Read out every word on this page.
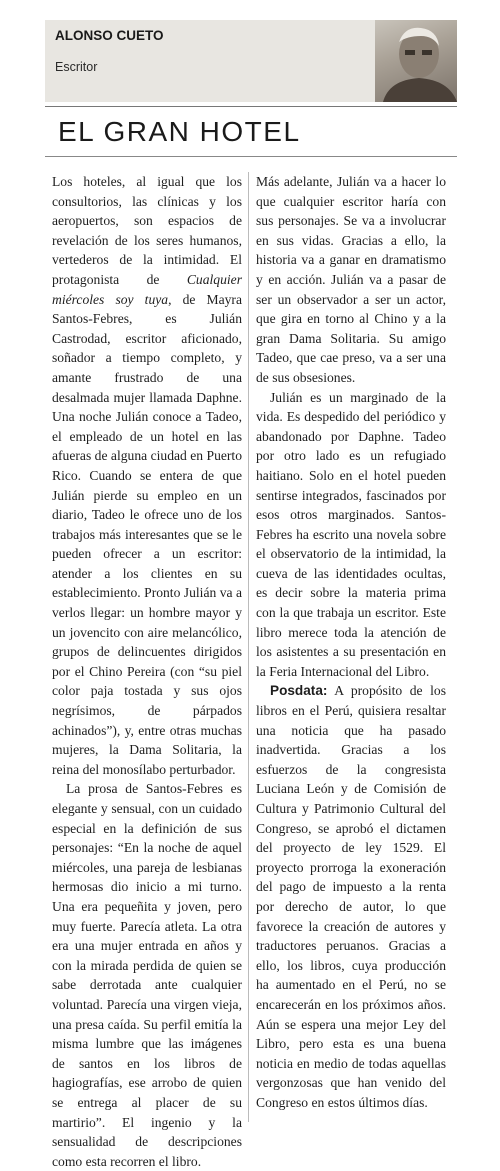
ALONSO CUETO
Escritor
EL GRAN HOTEL

Los hoteles, al igual que los consultorios, las clínicas y los aeropuertos, son espacios de revelación de los seres humanos, vertederos de la intimidad. El protagonista de Cualquier miércoles soy tuya, de Mayra Santos-Febres, es Julián Castrodad, escritor aficionado, soñador a tiempo completo, y amante frustrado de una desalmada mujer llamada Daphne. Una noche Julián conoce a Tadeo, el empleado de un hotel en las afueras de alguna ciudad en Puerto Rico. Cuando se entera de que Julián pierde su empleo en un diario, Tadeo le ofrece uno de los trabajos más interesantes que se le pueden ofrecer a un escritor: atender a los clientes en su establecimiento. Pronto Julián va a verlos llegar: un hombre mayor y un jovencito con aire melancólico, grupos de delincuentes dirigidos por el Chino Pereira (con “su piel color paja tostada y sus ojos negrísimos, de párpados achinados”), y, entre otras muchas mujeres, la Dama Solitaria, la reina del monosílabo perturbador.

La prosa de Santos-Febres es elegante y sensual, con un cuidado especial en la definición de sus personajes: “En la noche de aquel miércoles, una pareja de lesbianas hermosas dio inicio a mi turno. Una era pequeñita y joven, pero muy fuerte. Parecía atleta. La otra era una mujer entrada en años y con la mirada perdida de quien se sabe derrotada ante cualquier voluntad. Parecía una virgen vieja, una presa caída. Su perfil emitía la misma lumbre que las imágenes de santos en los libros de hagiografías, ese arrobo de quien se entrega al placer de su martirio”. El ingenio y la sensualidad de descripciones como esta recorren el libro.

Más adelante, Julián va a hacer lo que cualquier escritor haría con sus personajes. Se va a involucrar en sus vidas. Gracias a ello, la historia va a ganar en dramatismo y en acción. Julián va a pasar de ser un observador a ser un actor, que gira en torno al Chino y a la gran Dama Solitaria. Su amigo Tadeo, que cae preso, va a ser una de sus obsesiones.

Julián es un marginado de la vida. Es despedido del periódico y abandonado por Daphne. Tadeo por otro lado es un refugiado haitiano. Solo en el hotel pueden sentirse integrados, fascinados por esos otros marginados. Santos-Febres ha escrito una novela sobre el observatorio de la intimidad, la cueva de las identidades ocultas, es decir sobre la materia prima con la que trabaja un escritor. Este libro merece toda la atención de los asistentes a su presentación en la Feria Internacional del Libro.

Posdata: A propósito de los libros en el Perú, quisiera resaltar una noticia que ha pasado inadvertida. Gracias a los esfuerzos de la congresista Luciana León y de Comisión de Cultura y Patrimonio Cultural del Congreso, se aprobó el dictamen del proyecto de ley 1529. El proyecto prorroga la exoneración del pago de impuesto a la renta por derecho de autor, lo que favorece la creación de autores y traductores peruanos. Gracias a ello, los libros, cuya producción ha aumentado en el Perú, no se encarecerán en los próximos años. Aún se espera una mejor Ley del Libro, pero esta es una buena noticia en medio de todas aquellas vergonzosas que han venido del Congreso en estos últimos días.
